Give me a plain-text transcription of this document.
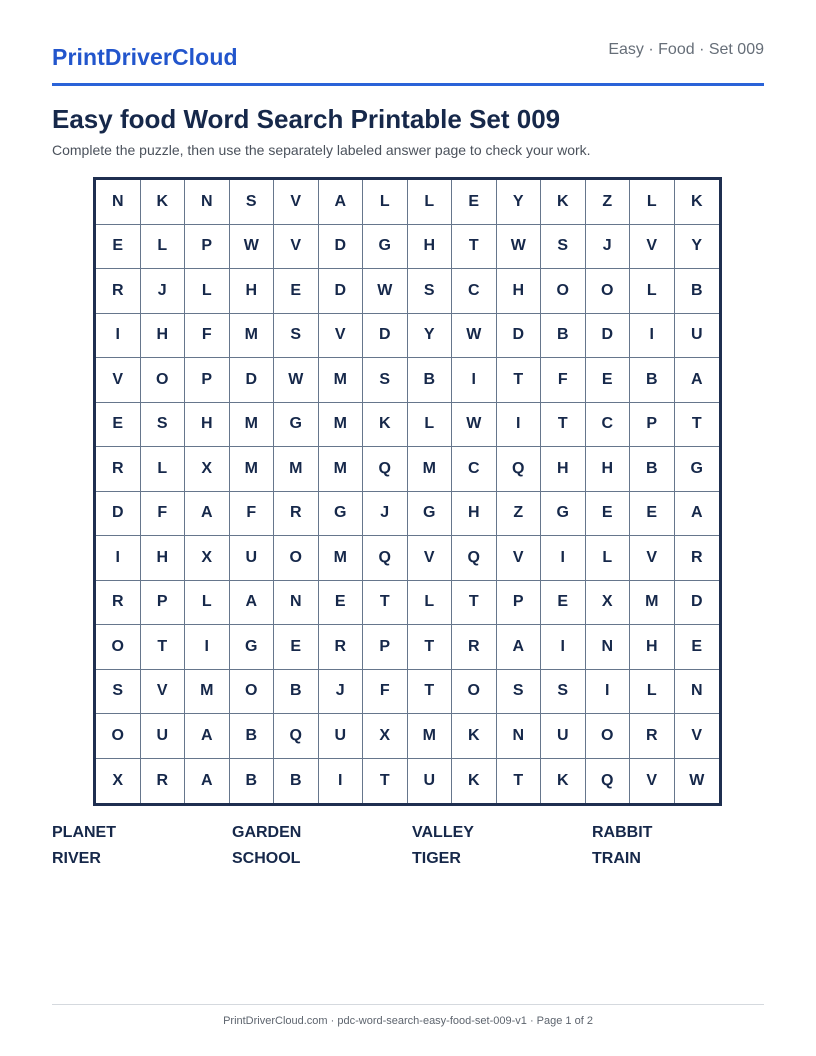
PrintDriverCloud	Easy · Food · Set 009
Easy food Word Search Printable Set 009
Complete the puzzle, then use the separately labeled answer page to check your work.
N	K	N	S	V	A	L	L	E	Y	K	Z	L	K
E	L	P	W	V	D	G	H	T	W	S	J	V	Y
R	J	L	H	E	D	W	S	C	H	O	O	L	B
I	H	F	M	S	V	D	Y	W	D	B	D	I	U
V	O	P	D	W	M	S	B	I	T	F	E	B	A
E	S	H	M	G	M	K	L	W	I	T	C	P	T
R	L	X	M	M	M	Q	M	C	Q	H	H	B	G
D	F	A	F	R	G	J	G	H	Z	G	E	E	A
I	H	X	U	O	M	Q	V	Q	V	I	L	V	R
R	P	L	A	N	E	T	L	T	P	E	X	M	D
O	T	I	G	E	R	P	T	R	A	I	N	H	E
S	V	M	O	B	J	F	T	O	S	S	I	L	N
O	U	A	B	Q	U	X	M	K	N	U	O	R	V
X	R	A	B	B	I	T	U	K	T	K	Q	V	W
PLANET	GARDEN	VALLEY	RABBIT
RIVER	SCHOOL	TIGER	TRAIN
PrintDriverCloud.com · pdc-word-search-easy-food-set-009-v1 · Page 1 of 2
